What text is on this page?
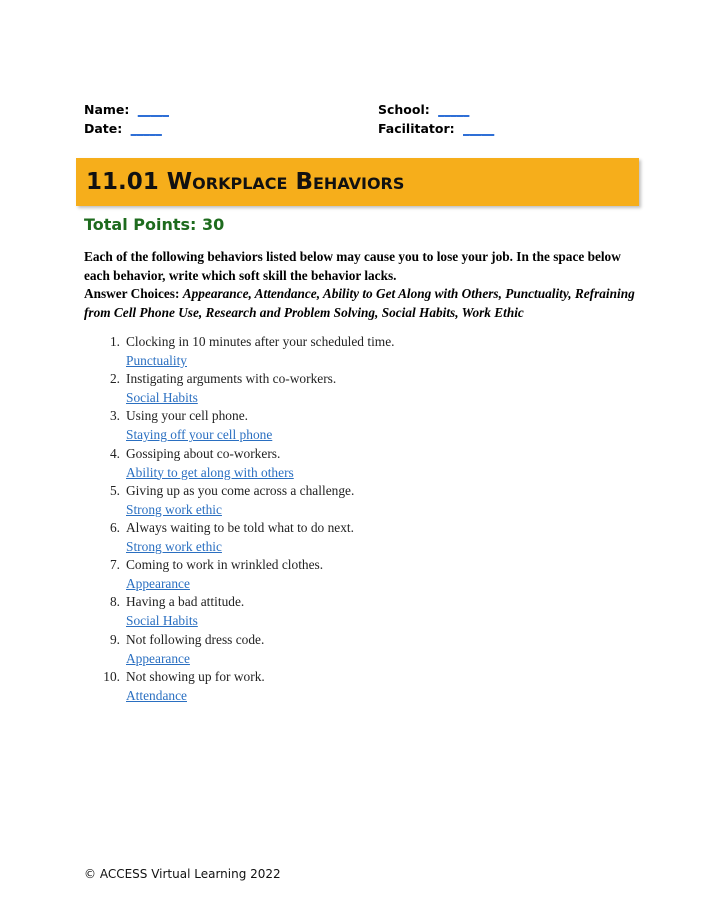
Name: _____
Date: _____
School: _____
Facilitator: _____
11.01 Workplace Behaviors
Total Points: 30

Each of the following behaviors listed below may cause you to lose your job. In the space below each behavior, write which soft skill the behavior lacks.

Answer Choices: Appearance, Attendance, Ability to Get Along with Others, Punctuality, Refraining from Cell Phone Use, Research and Problem Solving, Social Habits, Work Ethic

1. Clocking in 10 minutes after your scheduled time.
Punctuality
2. Instigating arguments with co-workers.
Social Habits
3. Using your cell phone.
Staying off your cell phone
4. Gossiping about co-workers.
Ability to get along with others
5. Giving up as you come across a challenge.
Strong work ethic
6. Always waiting to be told what to do next.
Strong work ethic
7. Coming to work in wrinkled clothes.
Appearance
8. Having a bad attitude.
Social Habits
9. Not following dress code.
Appearance
10. Not showing up for work.
Attendance
© ACCESS Virtual Learning 2022
